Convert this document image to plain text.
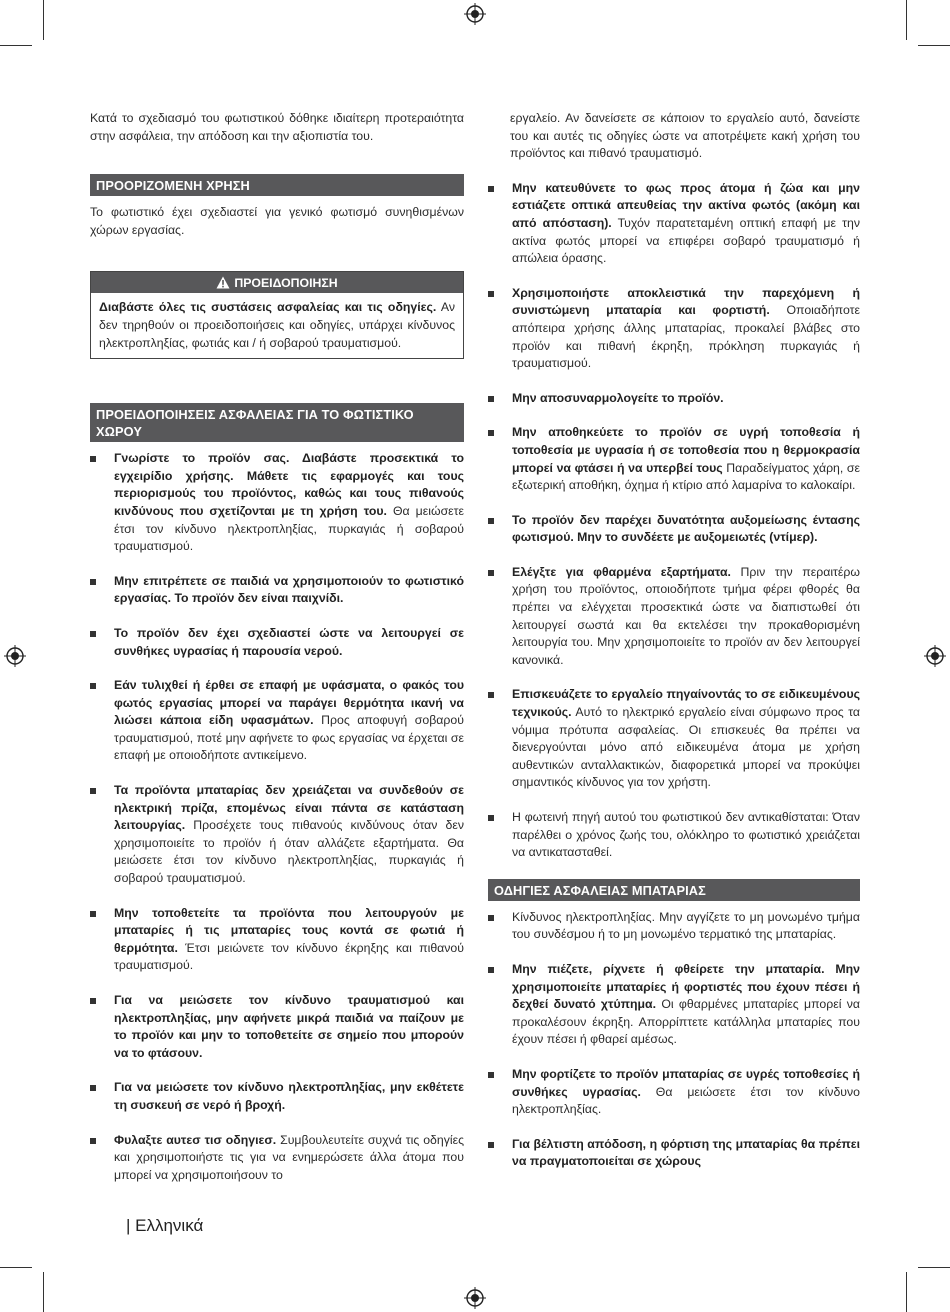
Κατά το σχεδιασμό του φωτιστικού δόθηκε ιδιαίτερη προτεραιότητα στην ασφάλεια, την απόδοση και την αξιοπιστία του.

ΠΡΟΟΡΙΖΟΜΕΝΗ ΧΡΗΣΗ

Το φωτιστικό έχει σχεδιαστεί για γενικό φωτισμό συνηθισμένων χώρων εργασίας.

ΠΡΟΕΙΔΟΠΟΙΗΣΗ
Διαβάστε όλες τις συστάσεις ασφαλείας και τις οδηγίες. Αν δεν τηρηθούν οι προειδοποιήσεις και οδηγίες, υπάρχει κίνδυνος ηλεκτροπληξίας, φωτιάς και / ή σοβαρού τραυματισμού.
ΠΡΟΕΙΔΟΠΟΙΗΣΕΙΣ ΑΣΦΑΛΕΙΑΣ ΓΙΑ ΤΟ ΦΩΤΙΣΤΙΚΟ ΧΩΡΟΥ
Γνωρίστε το προϊόν σας. Διαβάστε προσεκτικά το εγχειρίδιο χρήσης. Μάθετε τις εφαρμογές και τους περιορισμούς του προϊόντος, καθώς και τους πιθανούς κινδύνους που σχετίζονται με τη χρήση του. Θα μειώσετε έτσι τον κίνδυνο ηλεκτροπληξίας, πυρκαγιάς ή σοβαρού τραυματισμού.
Μην επιτρέπετε σε παιδιά να χρησιμοποιούν το φωτιστικό εργασίας. Το προϊόν δεν είναι παιχνίδι.
Το προϊόν δεν έχει σχεδιαστεί ώστε να λειτουργεί σε συνθήκες υγρασίας ή παρουσία νερού.
Εάν τυλιχθεί ή έρθει σε επαφή με υφάσματα, ο φακός του φωτός εργασίας μπορεί να παράγει θερμότητα ικανή να λιώσει κάποια είδη υφασμάτων. Προς αποφυγή σοβαρού τραυματισμού, ποτέ μην αφήνετε το φως εργασίας να έρχεται σε επαφή με οποιοδήποτε αντικείμενο.
Τα προϊόντα μπαταρίας δεν χρειάζεται να συνδεθούν σε ηλεκτρική πρίζα, επομένως είναι πάντα σε κατάσταση λειτουργίας. Προσέχετε τους πιθανούς κινδύνους όταν δεν χρησιμοποιείτε το προϊόν ή όταν αλλάζετε εξαρτήματα. Θα μειώσετε έτσι τον κίνδυνο ηλεκτροπληξίας, πυρκαγιάς ή σοβαρού τραυματισμού.
Μην τοποθετείτε τα προϊόντα που λειτουργούν με μπαταρίες ή τις μπαταρίες τους κοντά σε φωτιά ή θερμότητα. Έτσι μειώνετε τον κίνδυνο έκρηξης και πιθανού τραυματισμού.
Για να μειώσετε τον κίνδυνο τραυματισμού και ηλεκτροπληξίας, μην αφήνετε μικρά παιδιά να παίζουν με το προϊόν και μην το τοποθετείτε σε σημείο που μπορούν να το φτάσουν.
Για να μειώσετε τον κίνδυνο ηλεκτροπληξίας, μην εκθέτετε τη συσκευή σε νερό ή βροχή.
Φυλαξτε αυτεσ τισ οδηγιεσ. Συμβουλευτείτε συχνά τις οδηγίες και χρησιμοποιήστε τις για να ενημερώσετε άλλα άτομα που μπορεί να χρησιμοποιήσουν το

εργαλείο. Αν δανείσετε σε κάποιον το εργαλείο αυτό, δανείστε του και αυτές τις οδηγίες ώστε να αποτρέψετε κακή χρήση του προϊόντος και πιθανό τραυματισμό.

Μην κατευθύνετε το φως προς άτομα ή ζώα και μην εστιάζετε οπτικά απευθείας την ακτίνα φωτός (ακόμη και από απόσταση). Τυχόν παρατεταμένη οπτική επαφή με την ακτίνα φωτός μπορεί να επιφέρει σοβαρό τραυματισμό ή απώλεια όρασης.
Χρησιμοποιήστε αποκλειστικά την παρεχόμενη ή συνιστώμενη μπαταρία και φορτιστή. Οποιαδήποτε απόπειρα χρήσης άλλης μπαταρίας, προκαλεί βλάβες στο προϊόν και πιθανή έκρηξη, πρόκληση πυρκαγιάς ή τραυματισμού.
Μην αποσυναρμολογείτε το προϊόν.
Μην αποθηκεύετε το προϊόν σε υγρή τοποθεσία ή τοποθεσία με υγρασία ή σε τοποθεσία που η θερμοκρασία μπορεί να φτάσει ή να υπερβεί τους Παραδείγματος χάρη, σε εξωτερική αποθήκη, όχημα ή κτίριο από λαμαρίνα το καλοκαίρι.
Το προϊόν δεν παρέχει δυνατότητα αυξομείωσης έντασης φωτισμού. Μην το συνδέετε με αυξομειωτές (ντίμερ).
Ελέγξτε για φθαρμένα εξαρτήματα. Πριν την περαιτέρω χρήση του προϊόντος, οποιοδήποτε τμήμα φέρει φθορές θα πρέπει να ελέγχεται προσεκτικά ώστε να διαπιστωθεί ότι λειτουργεί σωστά και θα εκτελέσει την προκαθορισμένη λειτουργία του. Μην χρησιμοποιείτε το προϊόν αν δεν λειτουργεί κανονικά.
Επισκευάζετε το εργαλείο πηγαίνοντάς το σε ειδικευμένους τεχνικούς. Αυτό το ηλεκτρικό εργαλείο είναι σύμφωνο προς τα νόμιμα πρότυπα ασφαλείας. Οι επισκευές θα πρέπει να διενεργούνται μόνο από ειδικευμένα άτομα με χρήση αυθεντικών ανταλλακτικών, διαφορετικά μπορεί να προκύψει σημαντικός κίνδυνος για τον χρήστη.
Η φωτεινή πηγή αυτού του φωτιστικού δεν αντικαθίσταται: Όταν παρέλθει ο χρόνος ζωής του, ολόκληρο το φωτιστικό χρειάζεται να αντικατασταθεί.
ΟΔΗΓΙΕΣ ΑΣΦΑΛΕΙΑΣ ΜΠΑΤΑΡΙΑΣ
Κίνδυνος ηλεκτροπληξίας. Μην αγγίζετε το μη μονωμένο τμήμα του συνδέσμου ή το μη μονωμένο τερματικό της μπαταρίας.
Μην πιέζετε, ρίχνετε ή φθείρετε την μπαταρία. Μην χρησιμοποιείτε μπαταρίες ή φορτιστές που έχουν πέσει ή δεχθεί δυνατό χτύπημα. Οι φθαρμένες μπαταρίες μπορεί να προκαλέσουν έκρηξη. Απορρίπτετε κατάλληλα μπαταρίες που έχουν πέσει ή φθαρεί αμέσως.
Μην φορτίζετε το προϊόν μπαταρίας σε υγρές τοποθεσίες ή συνθήκες υγρασίας. Θα μειώσετε έτσι τον κίνδυνο ηλεκτροπληξίας.
Για βέλτιστη απόδοση, η φόρτιση της μπαταρίας θα πρέπει να πραγματοποιείται σε χώρους
| Ελληνικά
